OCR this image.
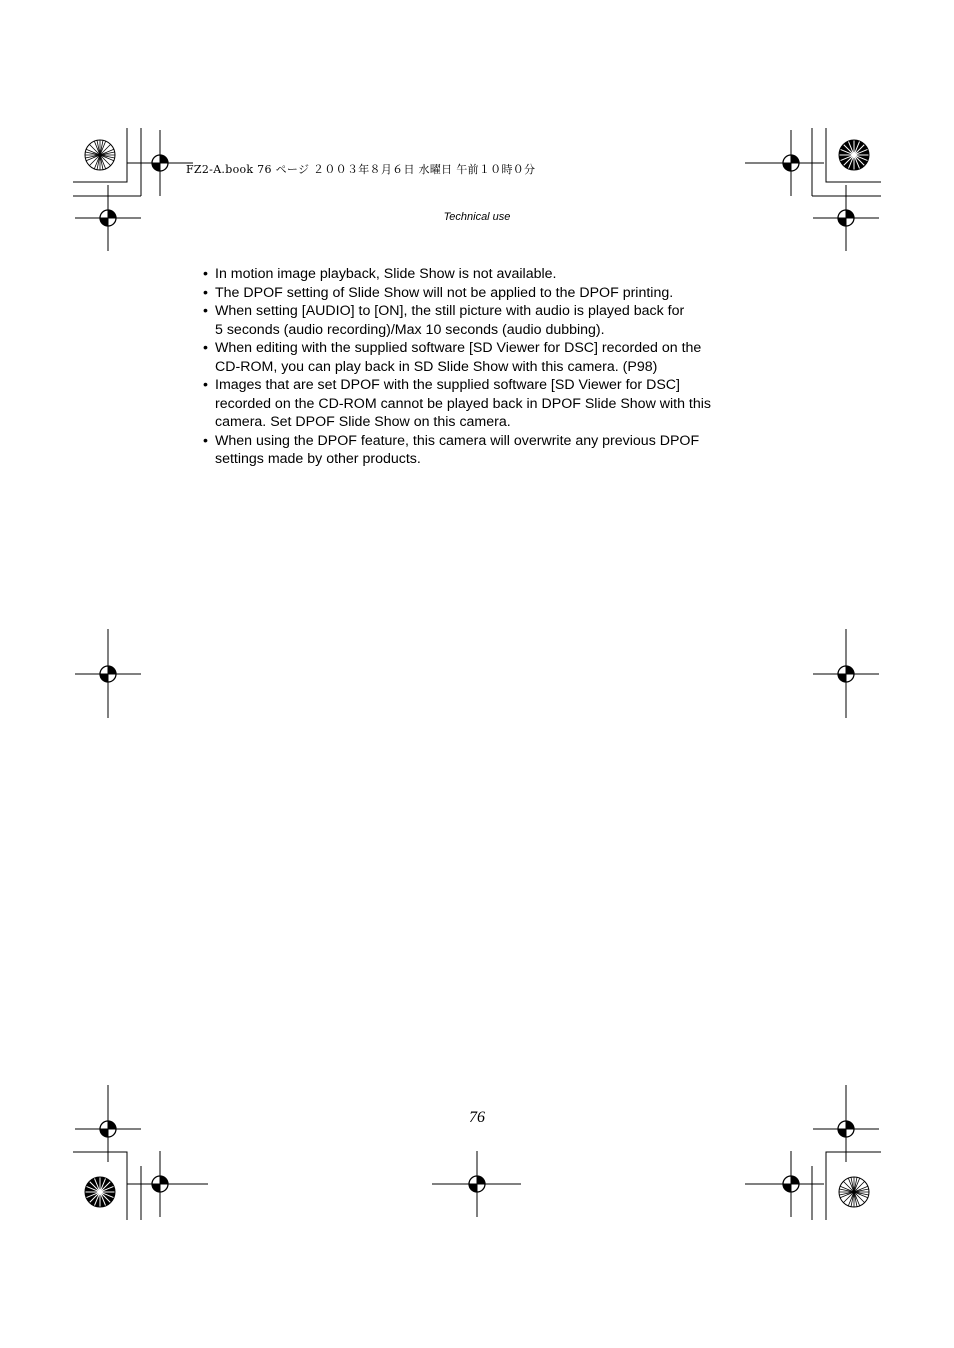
FZ2-A.book 76 ページ ２００３年８月６日 水曜日 午前１０時０分
Technical use
• In motion image playback, Slide Show is not available.
• The DPOF setting of Slide Show will not be applied to the DPOF printing.
• When setting [AUDIO] to [ON], the still picture with audio is played back for
5 seconds (audio recording)/Max 10 seconds (audio dubbing).
• When editing with the supplied software [SD Viewer for DSC] recorded on the
CD-ROM, you can play back in SD Slide Show with this camera. (P98)
• Images that are set DPOF with the supplied software [SD Viewer for DSC]
recorded on the CD-ROM cannot be played back in DPOF Slide Show with this
camera. Set DPOF Slide Show on this camera.
• When using the DPOF feature, this camera will overwrite any previous DPOF
settings made by other products.
76
